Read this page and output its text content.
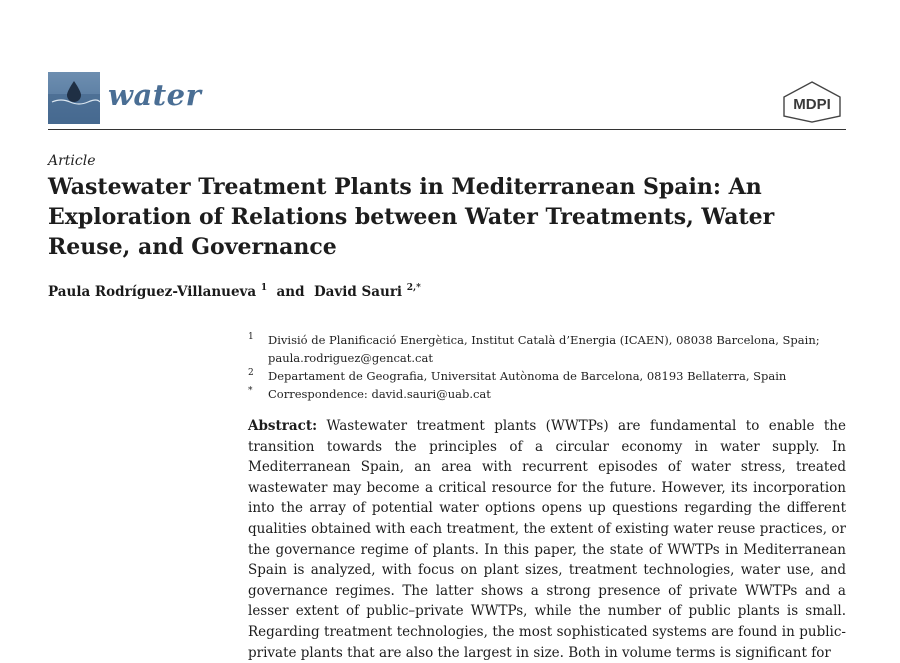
water	MDPI
Article
Wastewater Treatment Plants in Mediterranean Spain: An Exploration of Relations between Water Treatments, Water Reuse, and Governance
Paula Rodríguez-Villanueva $^1$  and  David Sauri $^{2,*}$
1 Divisió de Planificació Energètica, Institut Català d’Energia (ICAEN), 08038 Barcelona, Spain;
paula.rodriguez@gencat.cat
2 Departament de Geografia, Universitat Autònoma de Barcelona, 08193 Bellaterra, Spain
* Correspondence: david.sauri@uab.cat
Abstract: Wastewater treatment plants (WWTPs) are fundamental to enable the transition towards the principles of a circular economy in water supply. In Mediterranean Spain, an area with recurrent episodes of water stress, treated wastewater may become a critical resource for the future. However, its incorporation into the array of potential water options opens up questions regarding the different qualities obtained with each treatment, the extent of existing water reuse practices, or the governance regime of plants. In this paper, the state of WWTPs in Mediterranean Spain is analyzed, with focus on plant sizes, treatment technologies, water use, and governance regimes. The latter shows a strong presence of private WWTPs and a lesser extent of public–private WWTPs, while the number of public plants is small. Regarding treatment technologies, the most sophisticated systems are found in public-private plants that are also the largest in size. Both in volume terms is significant for
